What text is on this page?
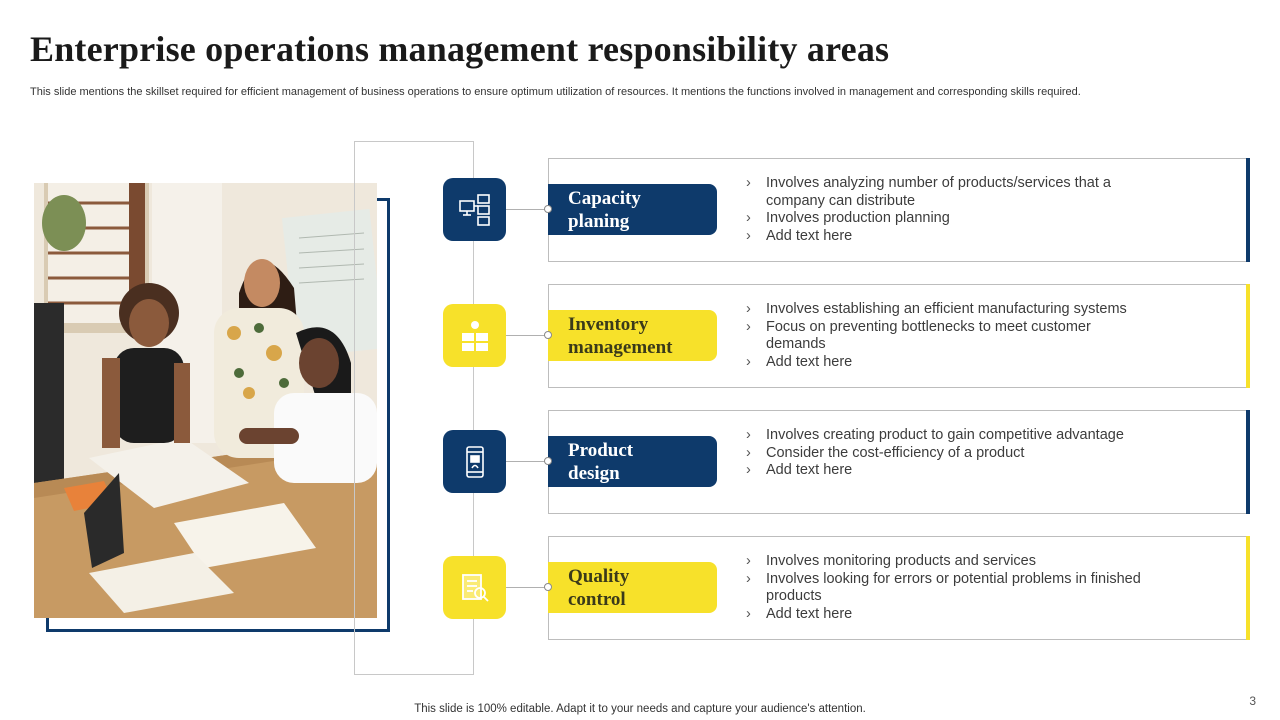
Enterprise operations management responsibility areas
This slide mentions the skillset required for efficient management of business operations to ensure optimum utilization of resources. It mentions the functions involved in management and corresponding skills required.
Capacity
planing
› Involves analyzing number of products/services that a company can distribute
› Involves production planning
› Add text here
Inventory
management
› Involves establishing an efficient manufacturing systems
› Focus on preventing bottlenecks to meet customer demands
› Add text here
Product
design
› Involves creating product to gain competitive advantage
› Consider the cost-efficiency of a product
› Add text here
Quality
control
› Involves monitoring products and services
› Involves looking for errors or potential problems in finished products
› Add text here
This slide is 100% editable. Adapt it to your needs and capture your audience's attention.
3
